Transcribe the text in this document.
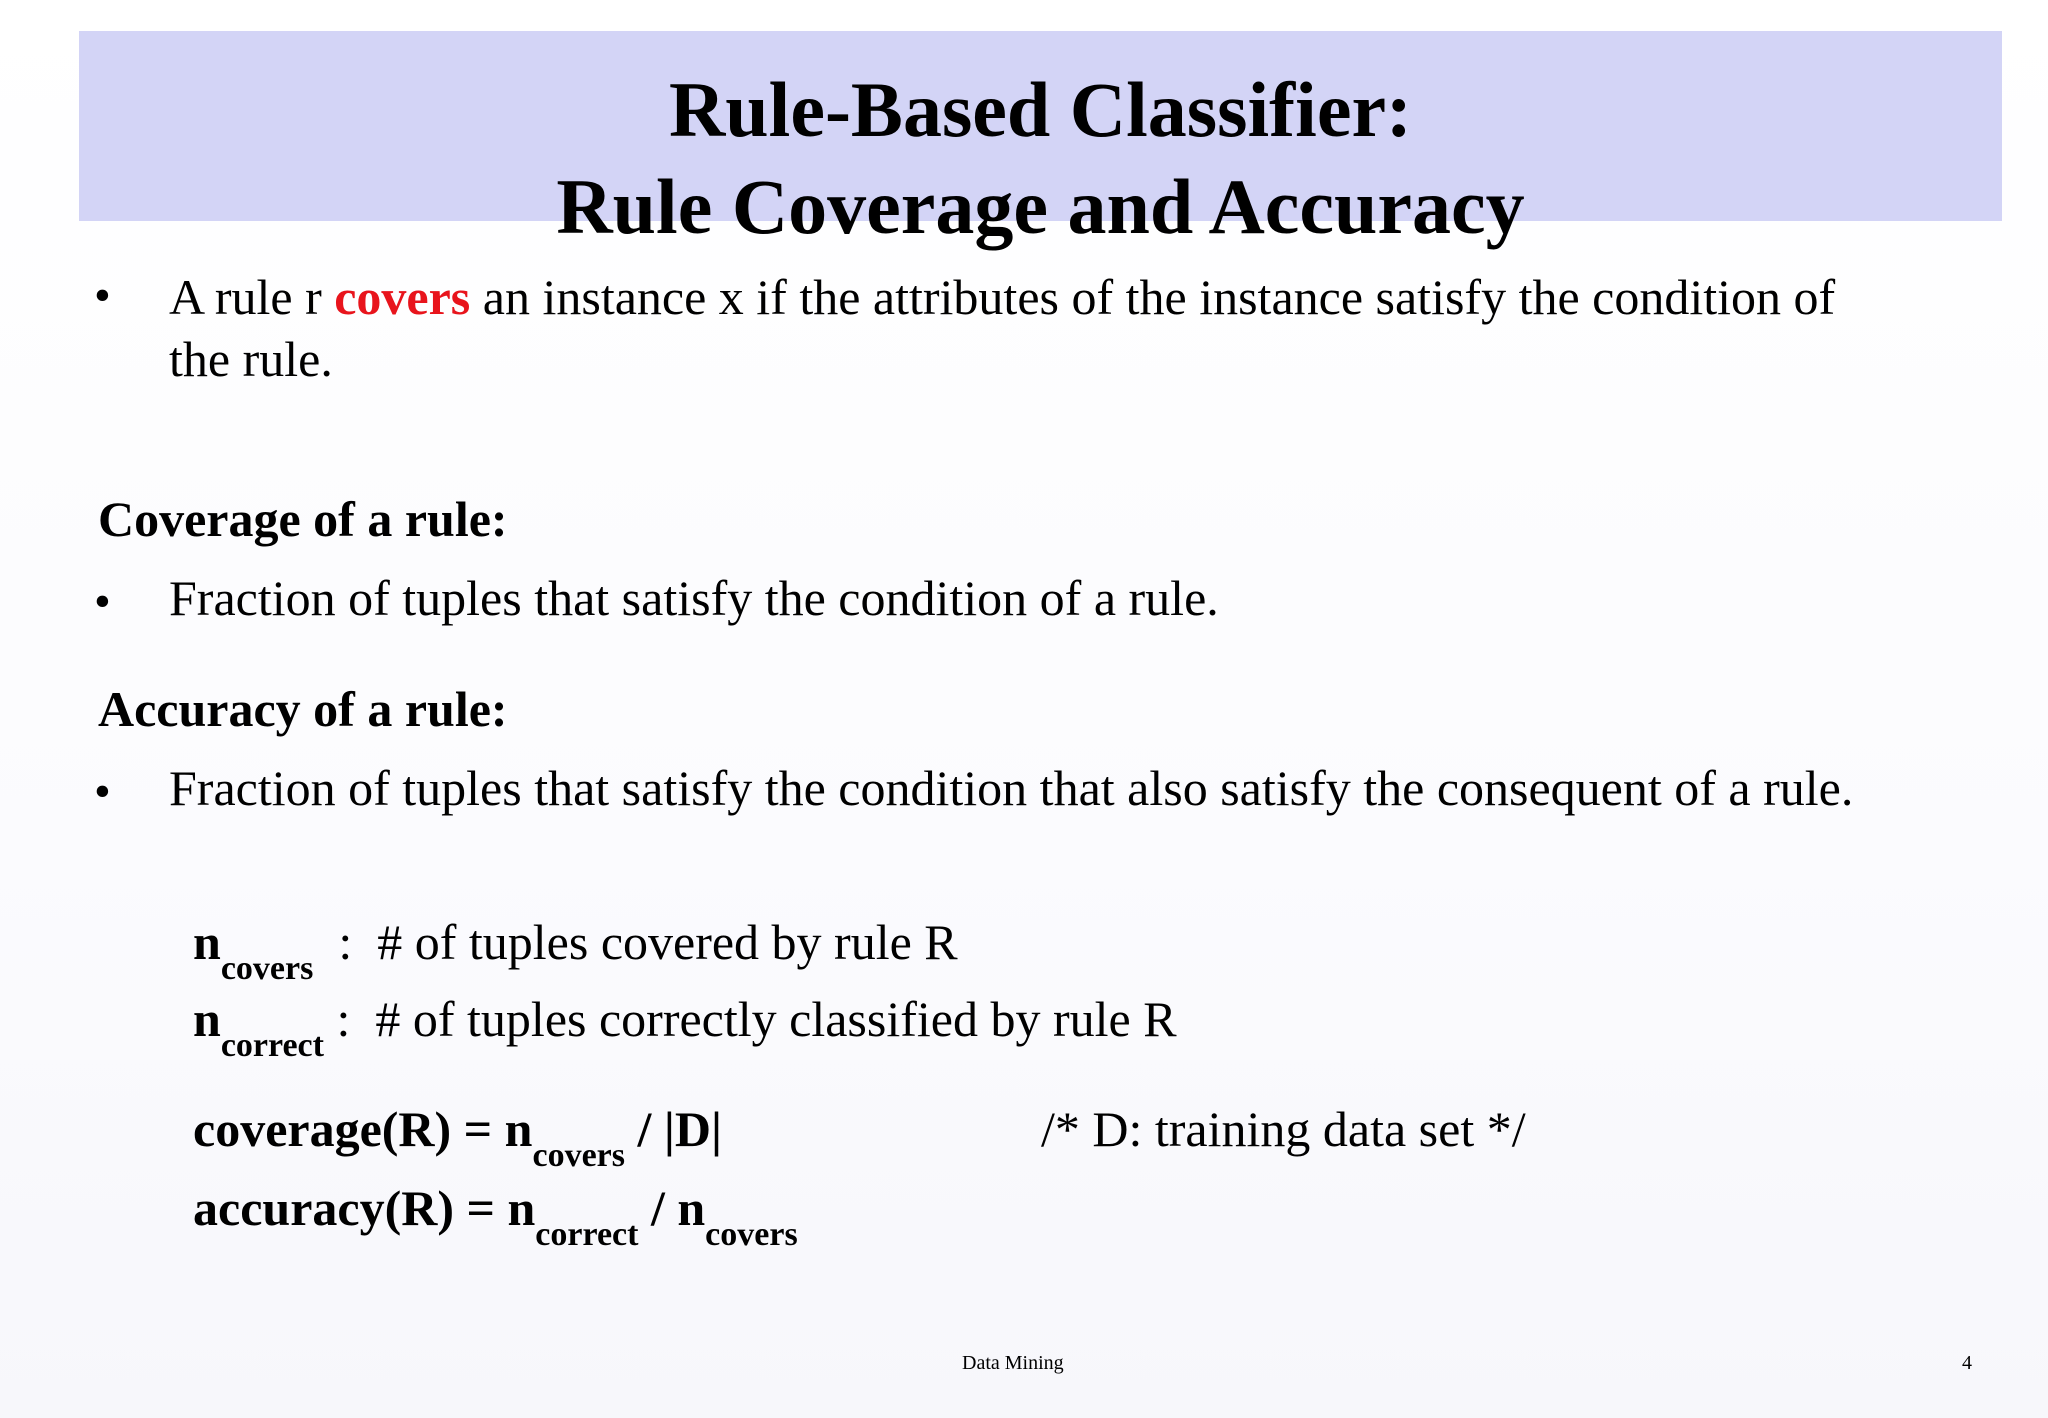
Rule-Based Classifier:
Rule Coverage and Accuracy
• A rule r covers an instance x if the attributes of the instance satisfy the condition of
the rule.
Coverage of a rule:
• Fraction of tuples that satisfy the condition of a rule.
Accuracy of a rule:
• Fraction of tuples that satisfy the condition that also satisfy the consequent of a rule.
$n_{covers}$  :  # of tuples covered by rule R
$n_{correct}$ :  # of tuples correctly classified by rule R
coverage(R) = $n_{covers} / |D|$	/* D: training data set */
accuracy(R) = $n_{correct} / n_{covers}$
Data Mining	4
